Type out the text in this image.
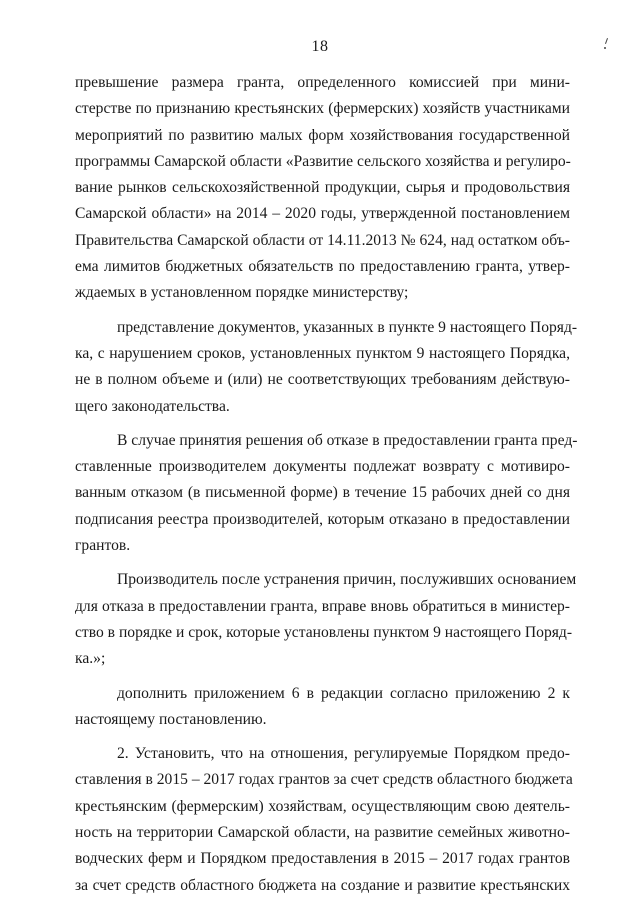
18
превышение размера гранта, определенного комиссией при мини-
стерстве по признанию крестьянских (фермерских) хозяйств участниками
мероприятий по развитию малых форм хозяйствования государственной
программы Самарской области «Развитие сельского хозяйства и регулиро-
вание рынков сельскохозяйственной продукции, сырья и продовольствия
Самарской области» на 2014 – 2020 годы, утвержденной постановлением
Правительства Самарской области от 14.11.2013 № 624, над остатком объ-
ема лимитов бюджетных обязательств по предоставлению гранта, утвер-
ждаемых в установленном порядке министерству;
представление документов, указанных в пункте 9 настоящего Поряд-
ка, с нарушением сроков, установленных пунктом 9 настоящего Порядка,
не в полном объеме и (или) не соответствующих требованиям действую-
щего законодательства.
В случае принятия решения об отказе в предоставлении гранта пред-
ставленные производителем документы подлежат возврату с мотивиро-
ванным отказом (в письменной форме) в течение 15 рабочих дней со дня
подписания реестра производителей, которым отказано в предоставлении
грантов.
Производитель после устранения причин, послуживших основанием
для отказа в предоставлении гранта, вправе вновь обратиться в министер-
ство в порядке и срок, которые установлены пунктом 9 настоящего Поряд-
ка.»;
дополнить приложением 6 в редакции согласно приложению 2 к
настоящему постановлению.
2. Установить, что на отношения, регулируемые Порядком предо-
ставления в 2015 – 2017 годах грантов за счет средств областного бюджета
крестьянским (фермерским) хозяйствам, осуществляющим свою деятель-
ность на территории Самарской области, на развитие семейных животно-
водческих ферм и Порядком предоставления в 2015 – 2017 годах грантов
за счет средств областного бюджета на создание и развитие крестьянских
